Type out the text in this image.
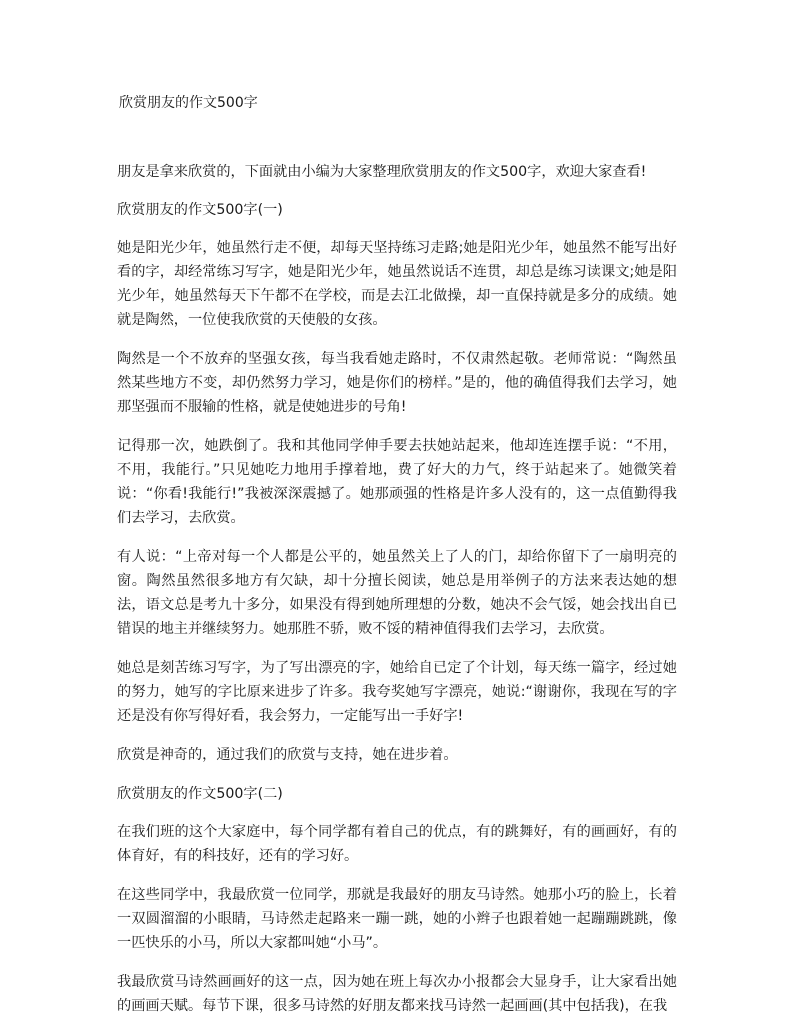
欣赏朋友的作文500字

朋友是拿来欣赏的，下面就由小编为大家整理欣赏朋友的作文500字，欢迎大家查看!

欣赏朋友的作文500字(一)

她是阳光少年，她虽然行走不便，却每天坚持练习走路;她是阳光少年，她虽然不能写出好看的字，却经常练习写字，她是阳光少年，她虽然说话不连贯，却总是练习读课文;她是阳光少年，她虽然每天下午都不在学校，而是去江北做操，却一直保持就是多分的成绩。她就是陶然，一位使我欣赏的天使般的女孩。

陶然是一个不放弃的坚强女孩，每当我看她走路时，不仅肃然起敬。老师常说：“陶然虽然某些地方不变，却仍然努力学习，她是你们的榜样。”是的，他的确值得我们去学习，她那坚强而不服输的性格，就是使她进步的号角!

记得那一次，她跌倒了。我和其他同学伸手要去扶她站起来，他却连连摆手说：“不用，不用，我能行。”只见她吃力地用手撑着地，费了好大的力气，终于站起来了。她微笑着说：“你看!我能行!”我被深深震撼了。她那顽强的性格是许多人没有的，这一点值勤得我们去学习，去欣赏。

有人说：“上帝对每一个人都是公平的，她虽然关上了人的门，却给你留下了一扇明亮的窗。陶然虽然很多地方有欠缺，却十分擅长阅读，她总是用举例子的方法来表达她的想法，语文总是考九十多分，如果没有得到她所理想的分数，她决不会气馁，她会找出自已错误的地主并继续努力。她那胜不骄，败不馁的精神值得我们去学习，去欣赏。

她总是刻苦练习写字，为了写出漂亮的字，她给自已定了个计划，每天练一篇字，经过她的努力，她写的字比原来进步了许多。我夸奖她写字漂亮，她说:“谢谢你，我现在写的字还是没有你写得好看，我会努力，一定能写出一手好字!

欣赏是神奇的，通过我们的欣赏与支持，她在进步着。

欣赏朋友的作文500字(二)

在我们班的这个大家庭中，每个同学都有着自己的优点，有的跳舞好，有的画画好，有的体育好，有的科技好，还有的学习好。

在这些同学中，我最欣赏一位同学，那就是我最好的朋友马诗然。她那小巧的脸上，长着一双圆溜溜的小眼睛，马诗然走起路来一蹦一跳，她的小辫子也跟着她一起蹦蹦跳跳，像一匹快乐的小马，所以大家都叫她“小马”。

我最欣赏马诗然画画好的这一点，因为她在班上每次办小报都会大显身手，让大家看出她的画画天赋。每节下课，很多马诗然的好朋友都来找马诗然一起画画(其中包括我)，在我
